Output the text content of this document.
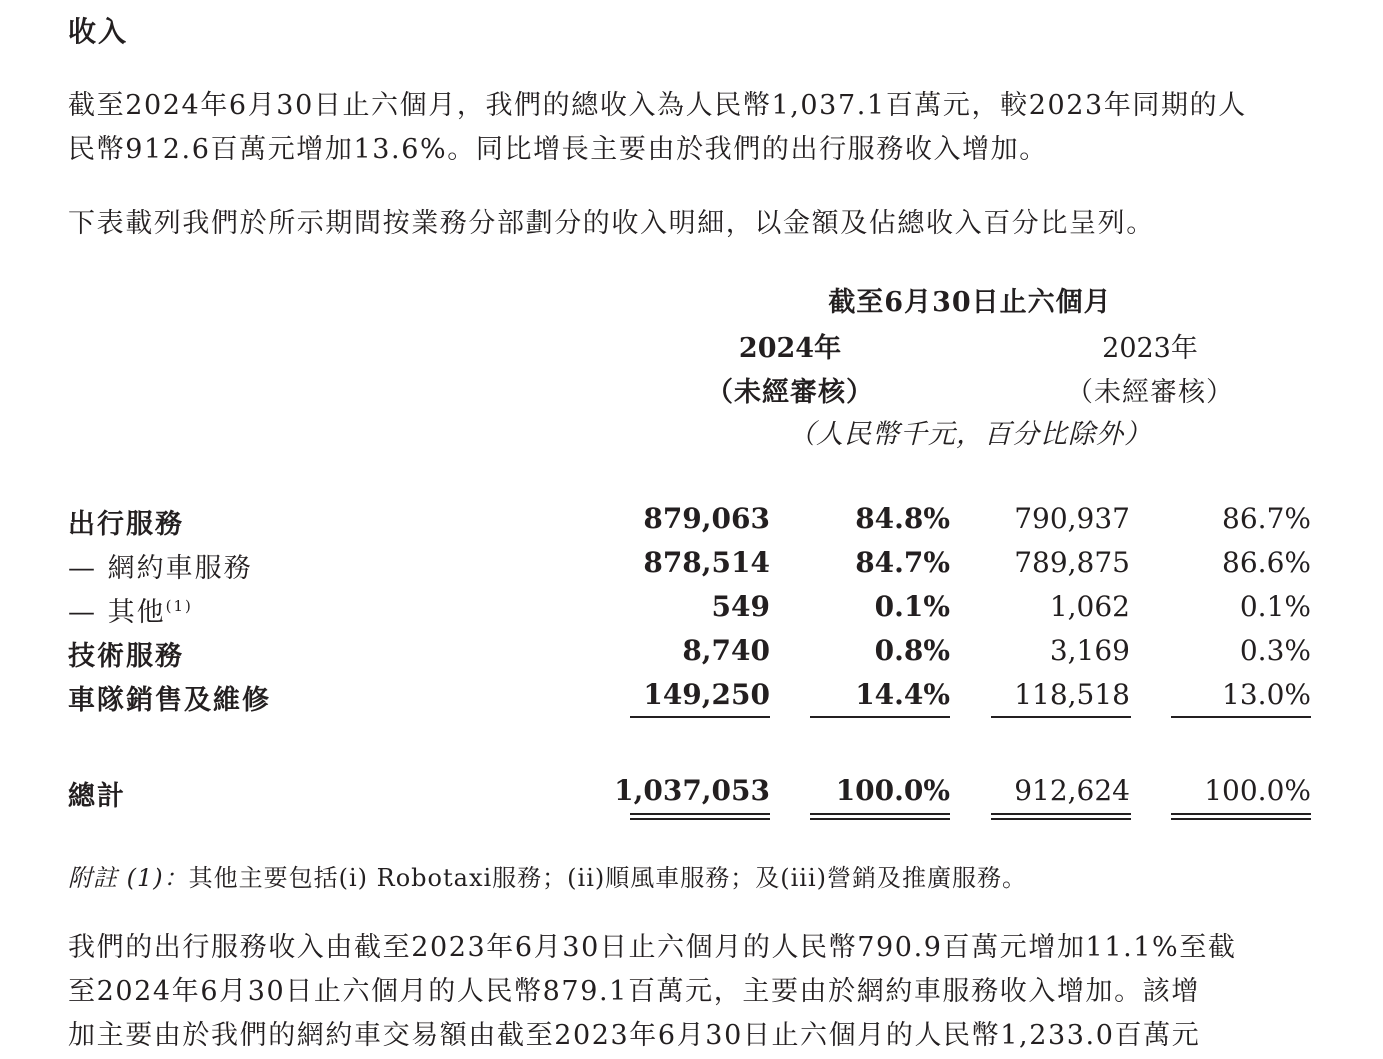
收入
截至2024年6月30日止六個月，我們的總收入為人民幣1,037.1百萬元，較2023年同期的人
民幣912.6百萬元增加13.6%。同比增長主要由於我們的出行服務收入增加。
下表載列我們於所示期間按業務分部劃分的收入明細，以金額及佔總收入百分比呈列。
截至6月30日止六個月
2024年	2023年
（未經審核）	（未經審核）
（人民幣千元，百分比除外）
出行服務	879,063	84.8%	790,937	86.7%
— 網約車服務	878,514	84.7%	789,875	86.6%
— 其他$^{(1)}$	549	0.1%	1,062	0.1%
技術服務	8,740	0.8%	3,169	0.3%
車隊銷售及維修	149,250	14.4%	118,518	13.0%
總計	1,037,053	100.0%	912,624	100.0%
附註 (1)：其他主要包括(i) Robotaxi服務；(ii)順風車服務；及(iii)營銷及推廣服務。
我們的出行服務收入由截至2023年6月30日止六個月的人民幣790.9百萬元增加11.1%至截
至2024年6月30日止六個月的人民幣879.1百萬元，主要由於網約車服務收入增加。該增
加主要由於我們的網約車交易額由截至2023年6月30日止六個月的人民幣1,233.0百萬元
